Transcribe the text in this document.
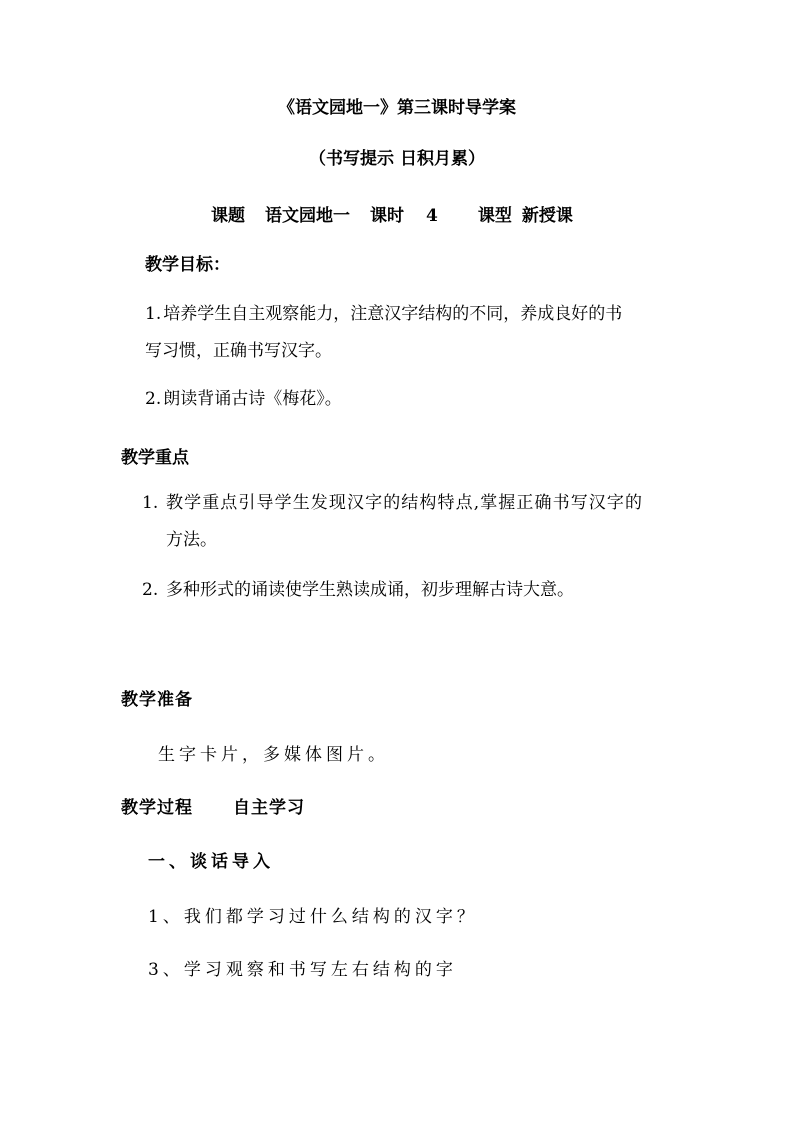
《语文园地一》第三课时导学案
（书写提示 日积月累）
课题 语文园地一 课时 4 课型 新授课
教学目标：
1. 培养学生自主观察能力，注意汉字结构的不同，养成良好的书
写习惯，正确书写汉字。
2. 朗读背诵古诗《梅花》。
教学重点
1. 教学重点引导学生发现汉字的结构特点,掌握正确书写汉字的
方法。
2. 多种形式的诵读使学生熟读成诵，初步理解古诗大意。
教学准备
生字卡片，多媒体图片。
教学过程 自主学习
一、谈话导入
1、我们都学习过什么结构的汉字？
3、学习观察和书写左右结构的字
